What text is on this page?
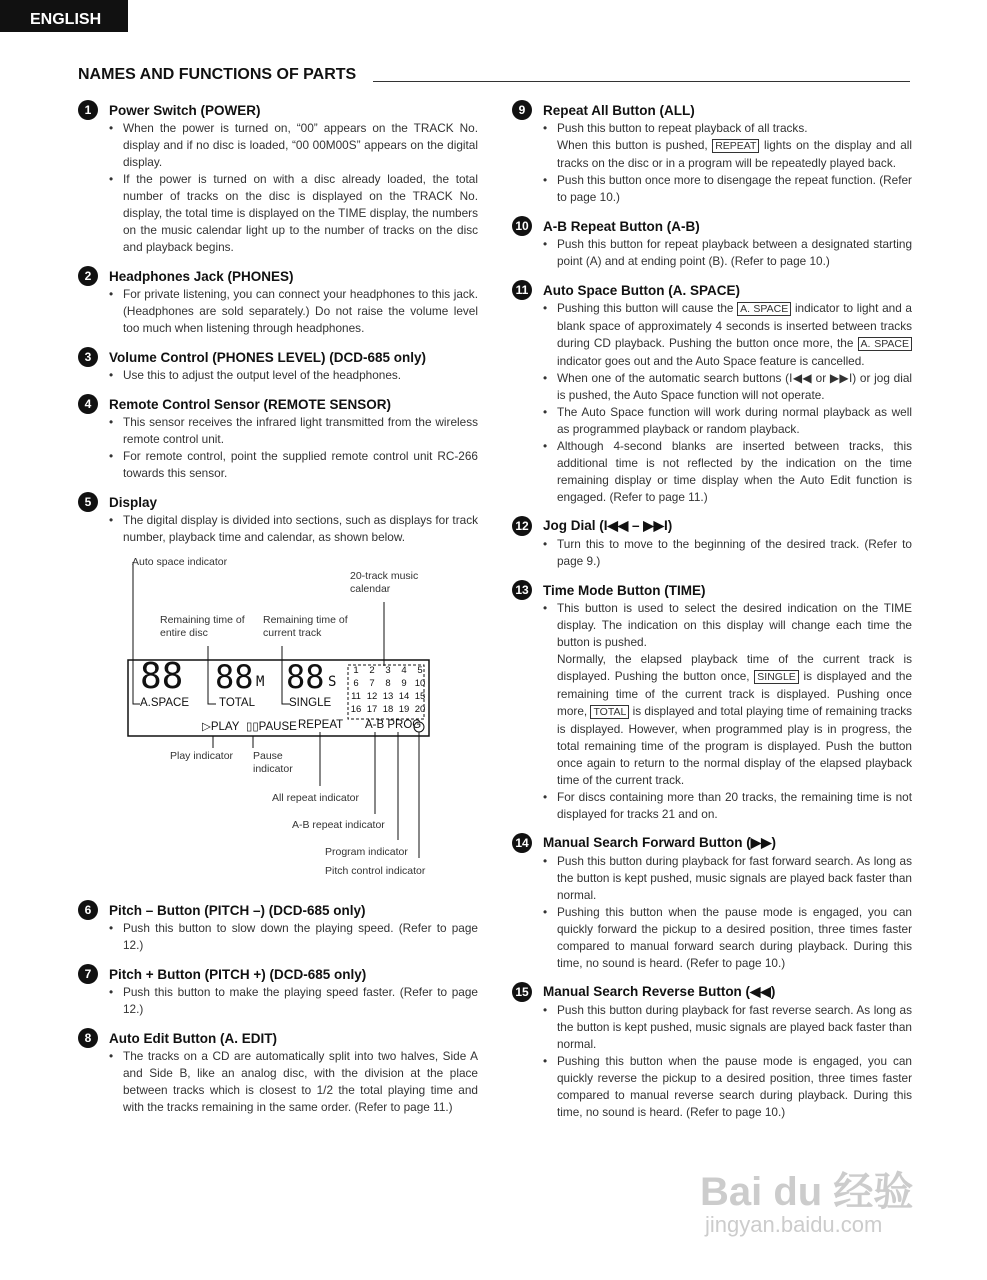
ENGLISH
NAMES AND FUNCTIONS OF PARTS
1	Power Switch (POWER)
• When the power is turned on, “00” appears on the TRACK No. display and if no disc is loaded, “00 00M00S” appears on the digital display.
• If the power is turned on with a disc already loaded, the total number of tracks on the disc is displayed on the TRACK No. display, the total time is displayed on the TIME display, the numbers on the music calendar light up to the number of tracks on the disc and playback begins.
2	Headphones Jack (PHONES)
• For private listening, you can connect your headphones to this jack. (Headphones are sold separately.) Do not raise the volume level too much when listening through headphones.
3	Volume Control (PHONES LEVEL) (DCD-685 only)
• Use this to adjust the output level of the headphones.
4	Remote Control Sensor (REMOTE SENSOR)
• This sensor receives the infrared light transmitted from the wireless remote control unit.
• For remote control, point the supplied remote control unit RC-266 towards this sensor.
5	Display
• The digital display is divided into sections, such as displays for track number, playback time and calendar, as shown below.
Auto space indicator
20-track music calendar
Remaining time of entire disc
Remaining time of current track
Play indicator Pause indicator
All repeat indicator
A-B repeat indicator
Program indicator
Pitch control indicator
88 88 M 88 S
A.SPACE	TOTAL	SINGLE
▷PLAY ▯▯PAUSE REPEAT A-B PROG
1	2	3	4	5
6	7	8	9 10
11 12 13 14 15
16 17 18 19 20
6	Pitch – Button (PITCH –) (DCD-685 only)
• Push this button to slow down the playing speed. (Refer to page 12.)
7	Pitch + Button (PITCH +) (DCD-685 only)
• Push this button to make the playing speed faster. (Refer to page 12.)
8	Auto Edit Button (A. EDIT)
• The tracks on a CD are automatically split into two halves, Side A and Side B, like an analog disc, with the division at the place between tracks which is closest to 1/2 the total playing time and with the tracks remaining in the same order. (Refer to page 11.)
9	Repeat All Button (ALL)
• Push this button to repeat playback of all tracks.
When this button is pushed, REPEAT lights on the display and all tracks on the disc or in a program will be repeatedly played back.
• Push this button once more to disengage the repeat function. (Refer to page 10.)
10 A-B Repeat Button (A-B)
• Push this button for repeat playback between a designated starting point (A) and at ending point (B). (Refer to page 10.)
11 Auto Space Button (A. SPACE)
• Pushing this button will cause the A. SPACE indicator to light and a blank space of approximately 4 seconds is inserted between tracks during CD playback. Pushing the button once more, the A. SPACE indicator goes out and the Auto Space feature is cancelled.
• When one of the automatic search buttons (I◀◀ or ▶▶I) or jog dial is pushed, the Auto Space function will not operate.
• The Auto Space function will work during normal playback as well as programmed playback or random playback.
• Although 4-second blanks are inserted between tracks, this additional time is not reflected by the indication on the time remaining display or time display when the Auto Edit function is engaged. (Refer to page 11.)
12 Jog Dial (I◀◀ – ▶▶I)
• Turn this to move to the beginning of the desired track. (Refer to page 9.)
13 Time Mode Button (TIME)
• This button is used to select the desired indication on the TIME display. The indication on this display will change each time the button is pushed.
Normally, the elapsed playback time of the current track is displayed. Pushing the button once, SINGLE is displayed and the remaining time of the current track is displayed. Pushing once more, TOTAL is displayed and total playing time of remaining tracks is displayed. However, when programmed play is in progress, the total remaining time of the program is displayed. Push the button once again to return to the normal display of the elapsed playback time of the current track.
• For discs containing more than 20 tracks, the remaining time is not displayed for tracks 21 and on.
14 Manual Search Forward Button (▶▶)
• Push this button during playback for fast forward search. As long as the button is kept pushed, music signals are played back faster than normal.
• Pushing this button when the pause mode is engaged, you can quickly forward the pickup to a desired position, three times faster compared to manual forward search during playback. During this time, no sound is heard. (Refer to page 10.)
15 Manual Search Reverse Button (◀◀)
• Push this button during playback for fast reverse search. As long as the button is kept pushed, music signals are played back faster than normal.
• Pushing this button when the pause mode is engaged, you can quickly reverse the pickup to a desired position, three times faster compared to manual reverse search during playback. During this time, no sound is heard. (Refer to page 10.)
Bai du 经验
jingyan.baidu.com
